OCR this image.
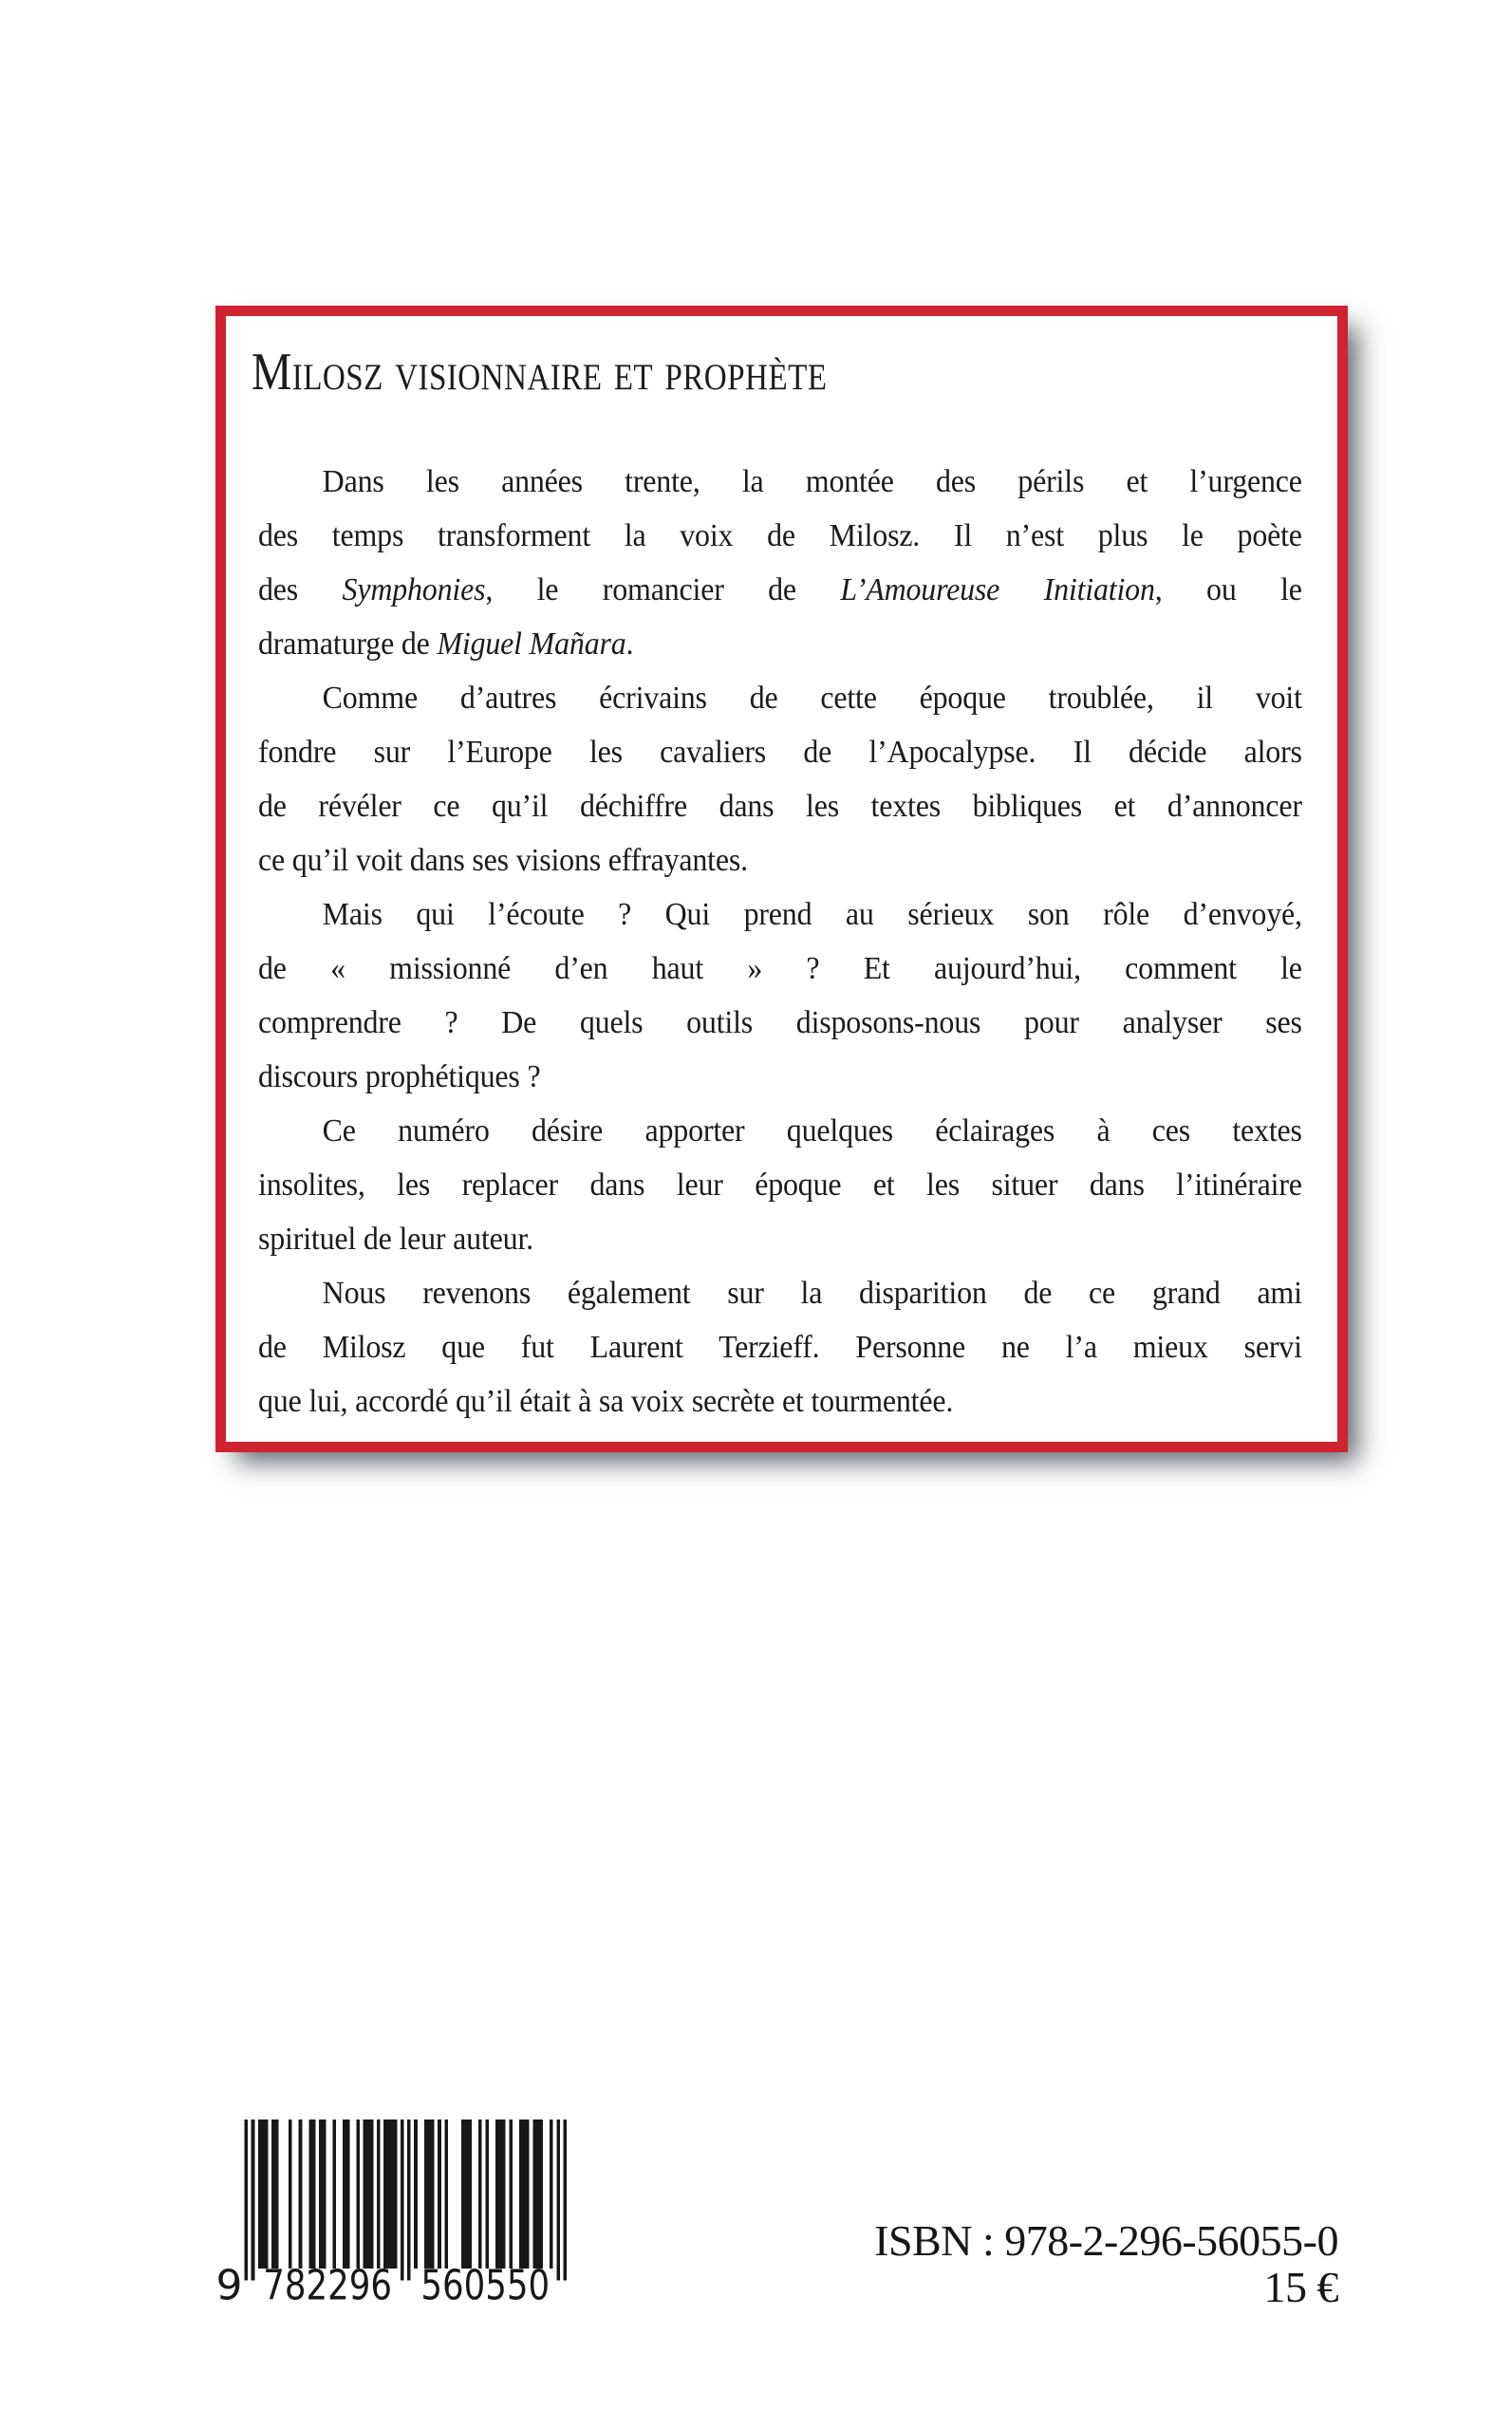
Milosz visionnaire et prophète
Dans les années trente, la montée des périls et l’urgence
des temps transforment la voix de Milosz. Il n’est plus le poète
des Symphonies, le romancier de L’Amoureuse Initiation, ou le
dramaturge de Miguel Mañara.
Comme d’autres écrivains de cette époque troublée, il voit
fondre sur l’Europe les cavaliers de l’Apocalypse. Il décide alors
de révéler ce qu’il déchiffre dans les textes bibliques et d’annoncer
ce qu’il voit dans ses visions effrayantes.
Mais qui l’écoute ? Qui prend au sérieux son rôle d’envoyé,
de « missionné d’en haut » ? Et aujourd’hui, comment le
comprendre ? De quels outils disposons-nous pour analyser ses
discours prophétiques ?
Ce numéro désire apporter quelques éclairages à ces textes
insolites, les replacer dans leur époque et les situer dans l’itinéraire
spirituel de leur auteur.
Nous revenons également sur la disparition de ce grand ami
de Milosz que fut Laurent Terzieff. Personne ne l’a mieux servi
que lui, accordé qu’il était à sa voix secrète et tourmentée.
9 782296 560550
ISBN : 978-2-296-56055-0
15 €
